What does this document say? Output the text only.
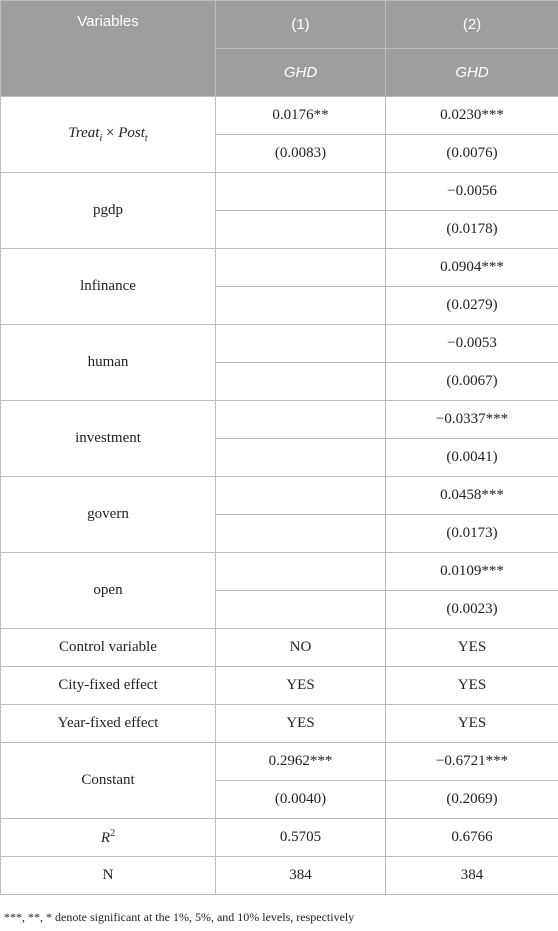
Variables	(1)	(2)
	GHD	GHD
Treat$_i$ × Post$_t$	0.0176**	0.0230***
	(0.0083)	(0.0076)
pgdp		−0.0056
		(0.0178)
lnfinance		0.0904***
		(0.0279)
human		−0.0053
		(0.0067)
investment		−0.0337***
		(0.0041)
govern		0.0458***
		(0.0173)
open		0.0109***
		(0.0023)
Control variable	NO	YES
City-fixed effect	YES	YES
Year-fixed effect	YES	YES
Constant	0.2962***	−0.6721***
	(0.0040)	(0.2069)
$R^2$	0.5705	0.6766
N	384	384
***, **, * denote significant at the 1%, 5%, and 10% levels, respectively
